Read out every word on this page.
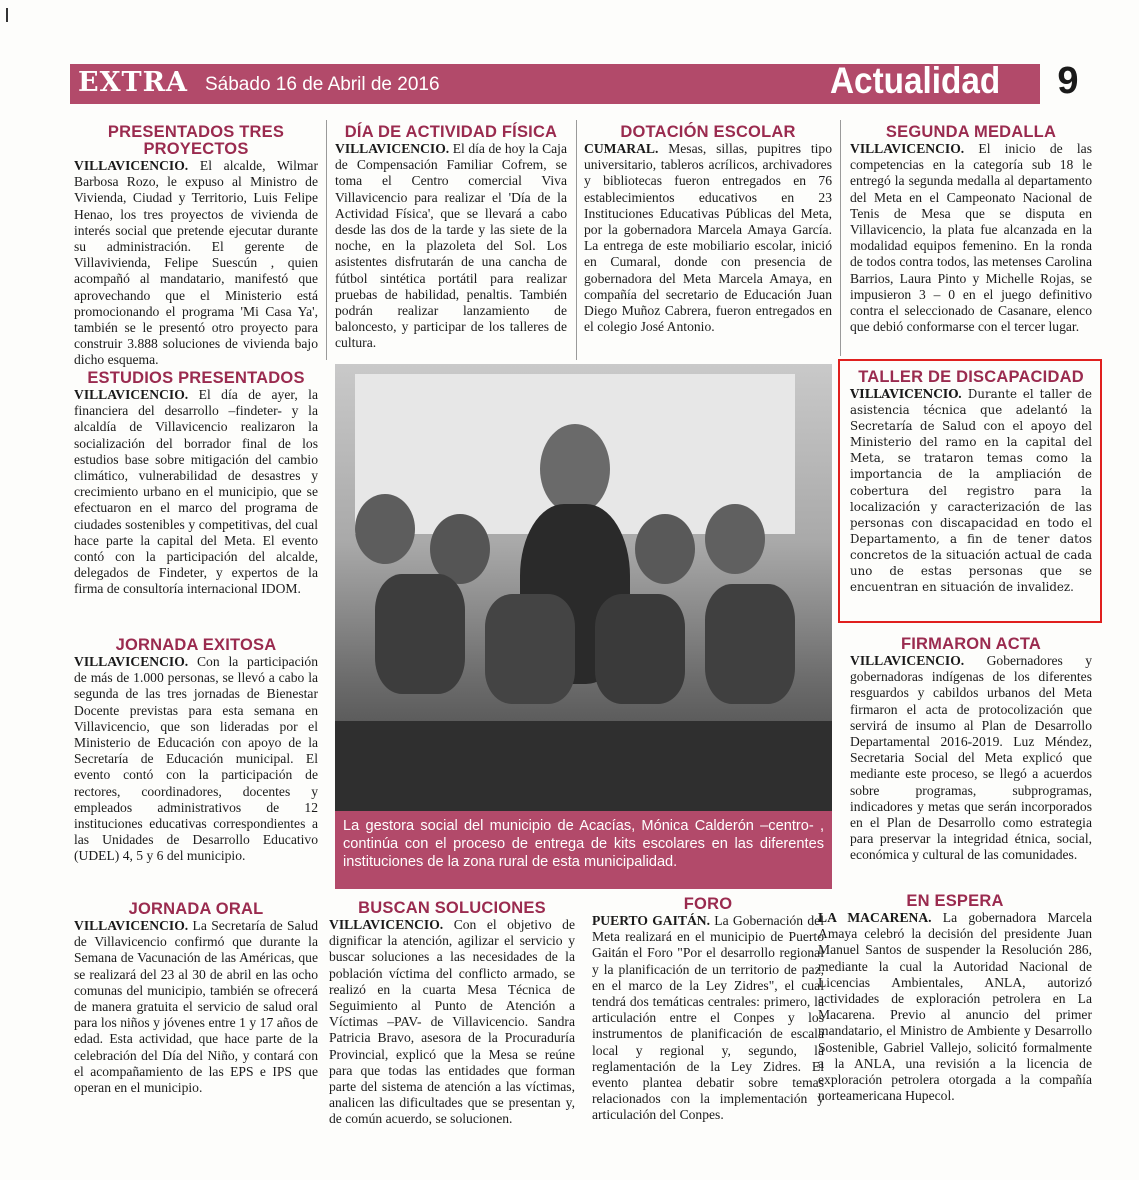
EXTRA Sábado 16 de Abril de 2016	Actualidad	9
PRESENTADOS TRES PROYECTOS

VILLAVICENCIO. El alcalde, Wilmar Barbosa Rozo, le expuso al Ministro de Vivienda, Ciudad y Territorio, Luis Felipe Henao, los tres proyectos de vivienda de interés social que pretende ejecutar durante su administración. El gerente de Villavivienda, Felipe Suescún , quien acompañó al mandatario, manifestó que aprovechando que el Ministerio está promocionando el programa 'Mi Casa Ya', también se le presentó otro proyecto para construir 3.888 soluciones de vivienda bajo dicho esquema.

ESTUDIOS PRESENTADOS

VILLAVICENCIO. El día de ayer, la financiera del desarrollo –findeter- y la alcaldía de Villavicencio realizaron la socialización del borrador final de los estudios base sobre mitigación del cambio climático, vulnerabilidad de desastres y crecimiento urbano en el municipio, que se efectuaron en el marco del programa de ciudades sostenibles y competitivas, del cual hace parte la capital del Meta. El evento contó con la participación del alcalde, delegados de Findeter, y expertos de la firma de consultoría internacional IDOM.

JORNADA EXITOSA

VILLAVICENCIO. Con la participación de más de 1.000 personas, se llevó a cabo la segunda de las tres jornadas de Bienestar Docente previstas para esta semana en Villavicencio, que son lideradas por el Ministerio de Educación con apoyo de la Secretaría de Educación municipal. El evento contó con la participación de rectores, coordinadores, docentes y empleados administrativos de 12 instituciones educativas correspondientes a las Unidades de Desarrollo Educativo (UDEL) 4, 5 y 6 del municipio.

JORNADA ORAL

VILLAVICENCIO. La Secretaría de Salud de Villavicencio confirmó que durante la Semana de Vacunación de las Américas, que se realizará del 23 al 30 de abril en las ocho comunas del municipio, también se ofrecerá de manera gratuita el servicio de salud oral para los niños y jóvenes entre 1 y 17 años de edad. Esta actividad, que hace parte de la celebración del Día del Niño, y contará con el acompañamiento de las EPS e IPS que operan en el municipio.

DÍA DE ACTIVIDAD FÍSICA

VILLAVICENCIO. El día de hoy la Caja de Compensación Familiar Cofrem, se toma el Centro comercial Viva Villavicencio para realizar el 'Día de la Actividad Física', que se llevará a cabo desde las dos de la tarde y las siete de la noche, en la plazoleta del Sol. Los asistentes disfrutarán de una cancha de fútbol sintética portátil para realizar pruebas de habilidad, penaltis. También podrán realizar lanzamiento de baloncesto, y participar de los talleres de cultura.

DOTACIÓN ESCOLAR

CUMARAL. Mesas, sillas, pupitres tipo universitario, tableros acrílicos, archivadores y bibliotecas fueron entregados en 76 establecimientos educativos en 23 Instituciones Educativas Públicas del Meta, por la gobernadora Marcela Amaya García. La entrega de este mobiliario escolar, inició en Cumaral, donde con presencia de gobernadora del Meta Marcela Amaya, en compañía del secretario de Educación Juan Diego Muñoz Cabrera, fueron entregados en el colegio José Antonio.

SEGUNDA MEDALLA

VILLAVICENCIO. El inicio de las competencias en la categoría sub 18 le entregó la segunda medalla al departamento del Meta en el Campeonato Nacional de Tenis de Mesa que se disputa en Villavicencio, la plata fue alcanzada en la modalidad equipos femenino. En la ronda de todos contra todos, las metenses Carolina Barrios, Laura Pinto y Michelle Rojas, se impusieron 3 – 0 en el juego definitivo contra el seleccionado de Casanare, elenco que debió conformarse con el tercer lugar.

TALLER DE DISCAPACIDAD

VILLAVICENCIO. Durante el taller de asistencia técnica que adelantó la Secretaría de Salud con el apoyo del Ministerio del ramo en la capital del Meta, se trataron temas como la importancia de la ampliación de cobertura del registro para la localización y caracterización de las personas con discapacidad en todo el Departamento, a fin de tener datos concretos de la situación actual de cada uno de estas personas que se encuentran en situación de invalidez.

FIRMARON ACTA

VILLAVICENCIO. Gobernadores y gobernadoras indígenas de los diferentes resguardos y cabildos urbanos del Meta firmaron el acta de protocolización que servirá de insumo al Plan de Desarrollo Departamental 2016-2019. Luz Méndez, Secretaria Social del Meta explicó que mediante este proceso, se llegó a acuerdos sobre programas, subprogramas, indicadores y metas que serán incorporados en el Plan de Desarrollo como estrategia para preservar la integridad étnica, social, económica y cultural de las comunidades.

EN ESPERA

LA MACARENA. La gobernadora Marcela Amaya celebró la decisión del presidente Juan Manuel Santos de suspender la Resolución 286, mediante la cual la Autoridad Nacional de Licencias Ambientales, ANLA, autorizó actividades de exploración petrolera en La Macarena. Previo al anuncio del primer mandatario, el Ministro de Ambiente y Desarrollo Sostenible, Gabriel Vallejo, solicitó formalmente a la ANLA, una revisión a la licencia de exploración petrolera otorgada a la compañía norteamericana Hupecol.

BUSCAN SOLUCIONES

VILLAVICENCIO. Con el objetivo de dignificar la atención, agilizar el servicio y buscar soluciones a las necesidades de la población víctima del conflicto armado, se realizó en la cuarta Mesa Técnica de Seguimiento al Punto de Atención a Víctimas –PAV- de Villavicencio. Sandra Patricia Bravo, asesora de la Procuraduría Provincial, explicó que la Mesa se reúne para que todas las entidades que forman parte del sistema de atención a las víctimas, analicen las dificultades que se presentan y, de común acuerdo, se solucionen.

FORO

PUERTO GAITÁN. La Gobernación del Meta realizará en el municipio de Puerto Gaitán el Foro "Por el desarrollo regional y la planificación de un territorio de paz, en el marco de la Ley Zidres", el cual tendrá dos temáticas centrales: primero, la articulación entre el Conpes y los instrumentos de planificación de escala local y regional y, segundo, la reglamentación de la Ley Zidres. El evento plantea debatir sobre temas relacionados con la implementación y articulación del Conpes.

La gestora social del municipio de Acacías, Mónica Calderón –centro- , continúa con el proceso de entrega de kits escolares en las diferentes instituciones de la zona rural de esta municipalidad.
